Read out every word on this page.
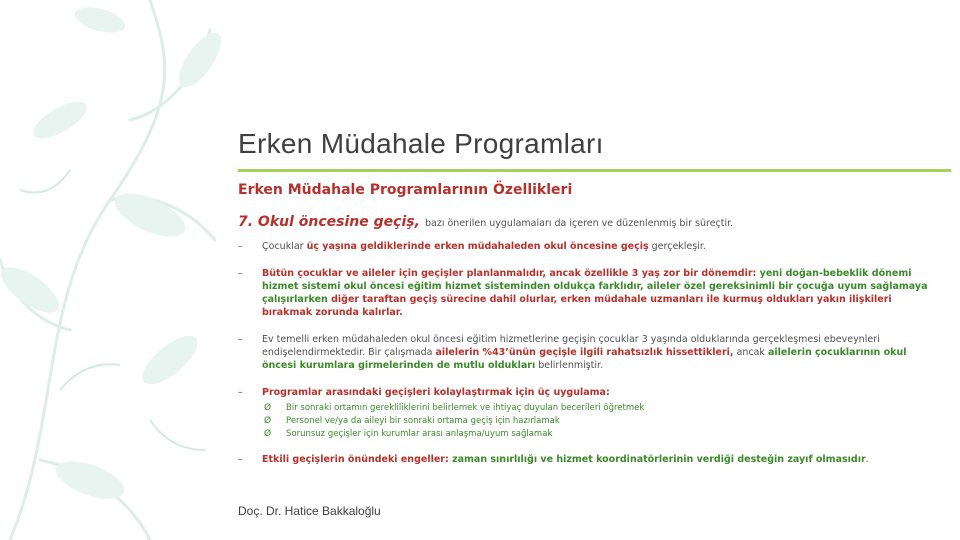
Erken Müdahale Programları
Erken Müdahale Programlarının Özellikleri
7. Okul öncesine geçiş, bazı önerilen uygulamaları da içeren ve düzenlenmiş bir süreçtir.
– Çocuklar üç yaşına geldiklerinde erken müdahaleden okul öncesine geçiş gerçekleşir.
– Bütün çocuklar ve aileler için geçişler planlanmalıdır, ancak özellikle 3 yaş zor bir dönemdir: yeni doğan-bebeklik dönemi hizmet sistemi okul öncesi eğitim hizmet sisteminden oldukça farklıdır, aileler özel gereksinimli bir çocuğa uyum sağlamaya çalışırlarken diğer taraftan geçiş sürecine dahil olurlar, erken müdahale uzmanları ile kurmuş oldukları yakın ilişkileri bırakmak zorunda kalırlar.
– Ev temelli erken müdahaleden okul öncesi eğitim hizmetlerine geçişin çocuklar 3 yaşında olduklarında gerçekleşmesi ebeveynleri endişelendirmektedir. Bir çalışmada ailelerin %43’ünün geçişle ilgili rahatsızlık hissettikleri, ancak ailelerin çocuklarının okul öncesi kurumlara girmelerinden de mutlu oldukları belirlenmiştir.
– Programlar arasındaki geçişleri kolaylaştırmak için üç uygulama:
Ø Bir sonraki ortamın gerekliliklerini belirlemek ve ihtiyaç duyulan becerileri öğretmek
Ø Personel ve/ya da aileyi bir sonraki ortama geçiş için hazırlamak
Ø Sorunsuz geçişler için kurumlar arası anlaşma/uyum sağlamak
– Etkili geçişlerin önündeki engeller: zaman sınırlılığı ve hizmet koordinatörlerinin verdiği desteğin zayıf olmasıdır.
Doç. Dr. Hatice Bakkaloğlu
